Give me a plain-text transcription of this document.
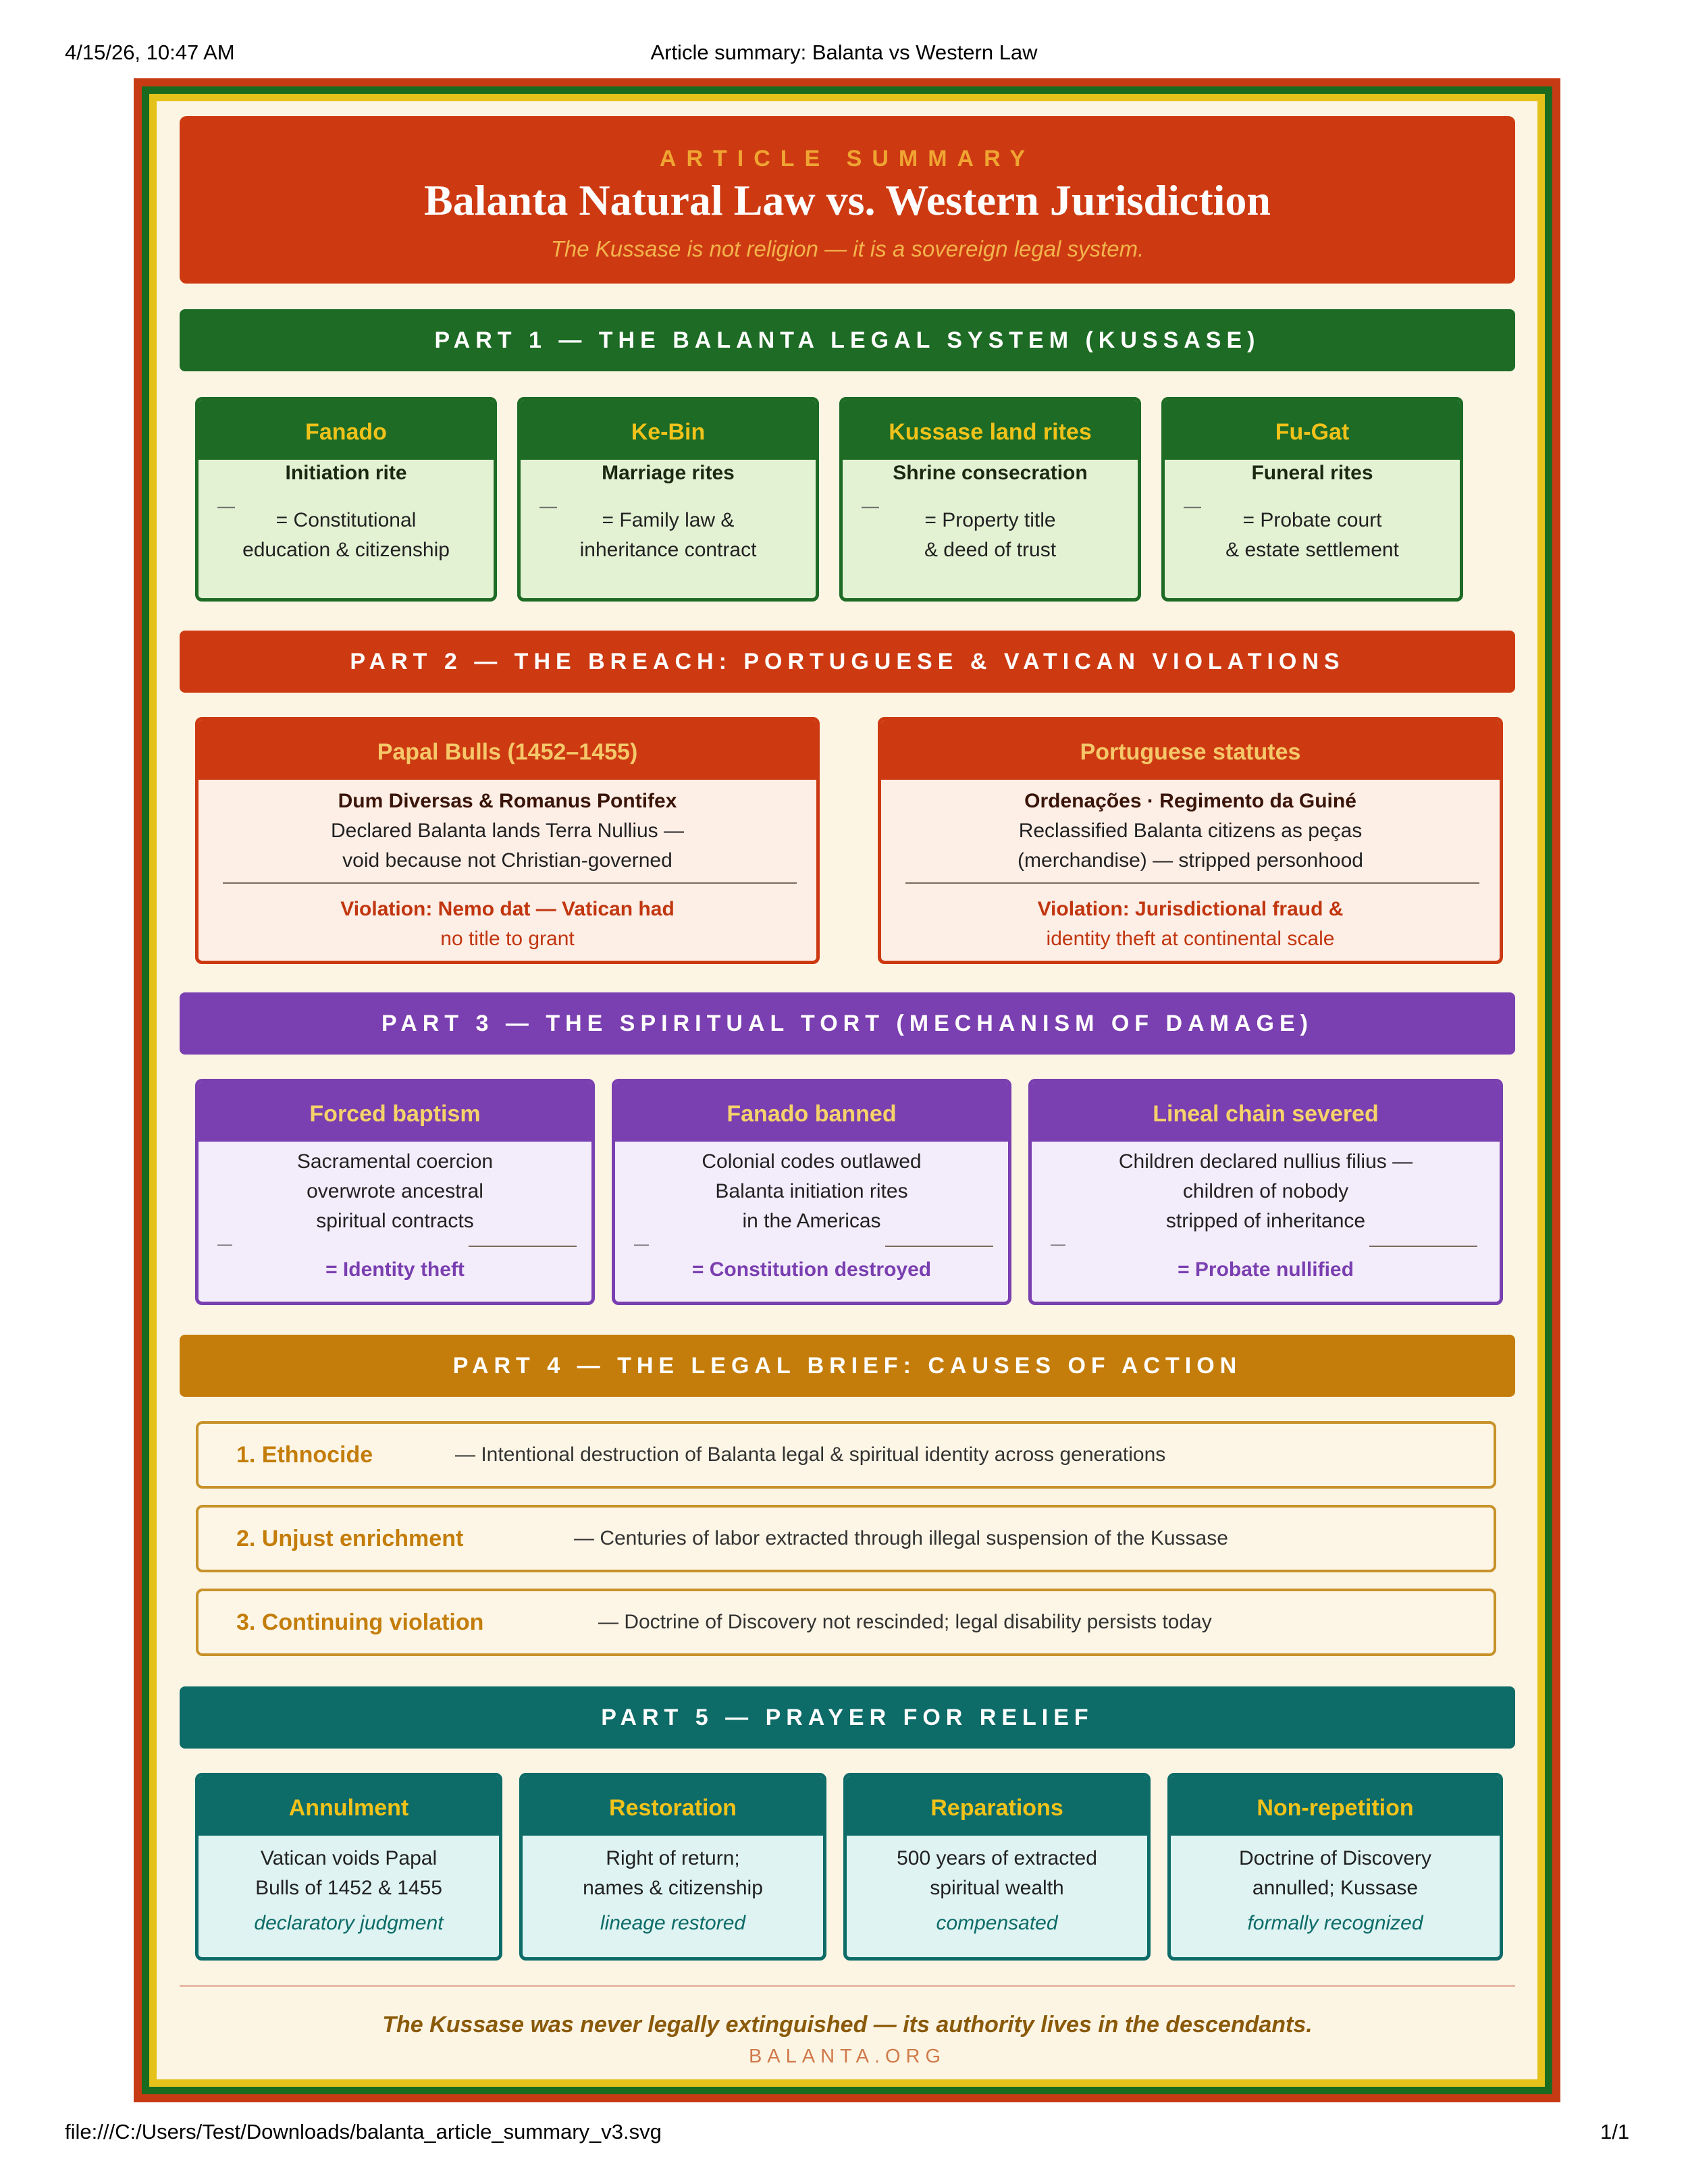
4/15/26, 10:47 AM	Article summary: Balanta vs Western Law
ARTICLE SUMMARY
Balanta Natural Law vs. Western Jurisdiction
The Kussase is not religion — it is a sovereign legal system.
PART 1 — THE BALANTA LEGAL SYSTEM (KUSSASE)
Fanado
Initiation rite
—
= Constitutional
education & citizenship
Ke-Bin
Marriage rites
—
= Family law &
inheritance contract
Kussase land rites
Shrine consecration
—
= Property title
& deed of trust
Fu-Gat
Funeral rites
—
= Probate court
& estate settlement
PART 2 — THE BREACH: PORTUGUESE & VATICAN VIOLATIONS
Papal Bulls (1452–1455)
Dum Diversas & Romanus Pontifex
Declared Balanta lands Terra Nullius —
void because not Christian-governed
Violation: Nemo dat — Vatican had
no title to grant
Portuguese statutes
Ordenações · Regimento da Guiné
Reclassified Balanta citizens as peças
(merchandise) — stripped personhood
Violation: Jurisdictional fraud &
identity theft at continental scale
PART 3 — THE SPIRITUAL TORT (MECHANISM OF DAMAGE)
Forced baptism
Sacramental coercion
overwrote ancestral
spiritual contracts
—
= Identity theft
Fanado banned
Colonial codes outlawed
Balanta initiation rites
in the Americas
—
= Constitution destroyed
Lineal chain severed
Children declared nullius filius —
children of nobody
stripped of inheritance
—
= Probate nullified
PART 4 — THE LEGAL BRIEF: CAUSES OF ACTION
1. Ethnocide	— Intentional destruction of Balanta legal & spiritual identity across generations
2. Unjust enrichment	— Centuries of labor extracted through illegal suspension of the Kussase
3. Continuing violation	— Doctrine of Discovery not rescinded; legal disability persists today
PART 5 — PRAYER FOR RELIEF
Annulment
Vatican voids Papal
Bulls of 1452 & 1455
declaratory judgment
Restoration
Right of return;
names & citizenship
lineage restored
Reparations
500 years of extracted
spiritual wealth
compensated
Non-repetition
Doctrine of Discovery
annulled; Kussase
formally recognized
The Kussase was never legally extinguished — its authority lives in the descendants.
BALANTA.ORG
file:///C:/Users/Test/Downloads/balanta_article_summary_v3.svg	1/1
